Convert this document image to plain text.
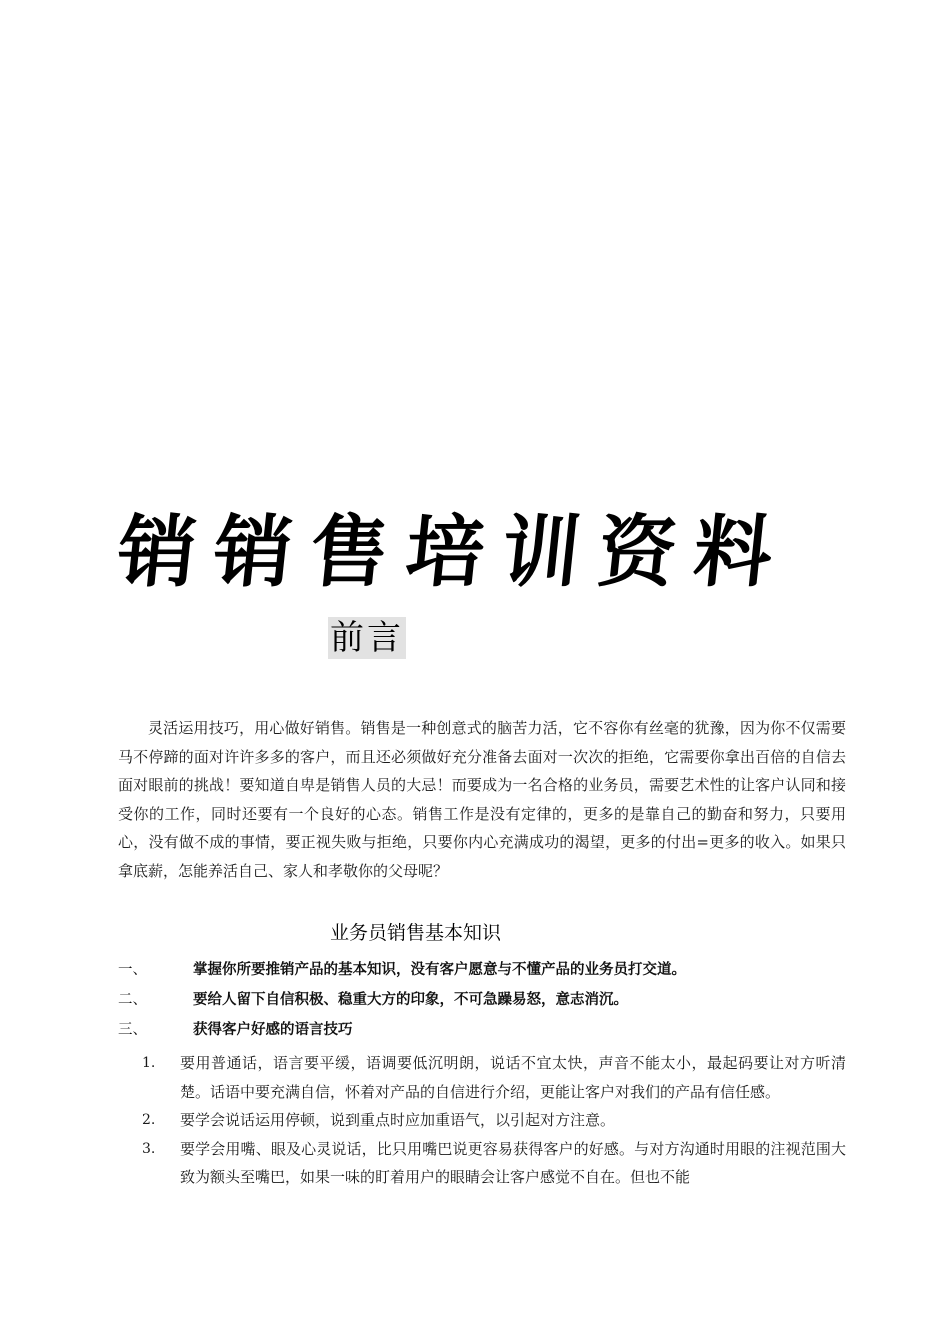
销销售培训资料
前言

灵活运用技巧，用心做好销售。销售是一种创意式的脑苦力活，它不容你有丝毫的犹豫，因为你不仅需要马不停蹄的面对许许多多的客户，而且还必须做好充分准备去面对一次次的拒绝，它需要你拿出百倍的自信去面对眼前的挑战！要知道自卑是销售人员的大忌！而要成为一名合格的业务员，需要艺术性的让客户认同和接受你的工作，同时还要有一个良好的心态。销售工作是没有定律的，更多的是靠自己的勤奋和努力，只要用心，没有做不成的事情，要正视失败与拒绝，只要你内心充满成功的渴望，更多的付出=更多的收入。如果只拿底薪，怎能养活自己、家人和孝敬你的父母呢？

业务员销售基本知识
一、	掌握你所要推销产品的基本知识，没有客户愿意与不懂产品的业务员打交道。
二、	要给人留下自信积极、稳重大方的印象，不可急躁易怒，意志消沉。
三、	获得客户好感的语言技巧
1. 要用普通话，语言要平缓，语调要低沉明朗，说话不宜太快，声音不能太小，最起码要让对方听清楚。话语中要充满自信，怀着对产品的自信进行介绍，更能让客户对我们的产品有信任感。
2. 要学会说话运用停顿，说到重点时应加重语气，以引起对方注意。
3. 要学会用嘴、眼及心灵说话，比只用嘴巴说更容易获得客户的好感。与对方沟通时用眼的注视范围大致为额头至嘴巴，如果一味的盯着用户的眼睛会让客户感觉不自在。但也不能
